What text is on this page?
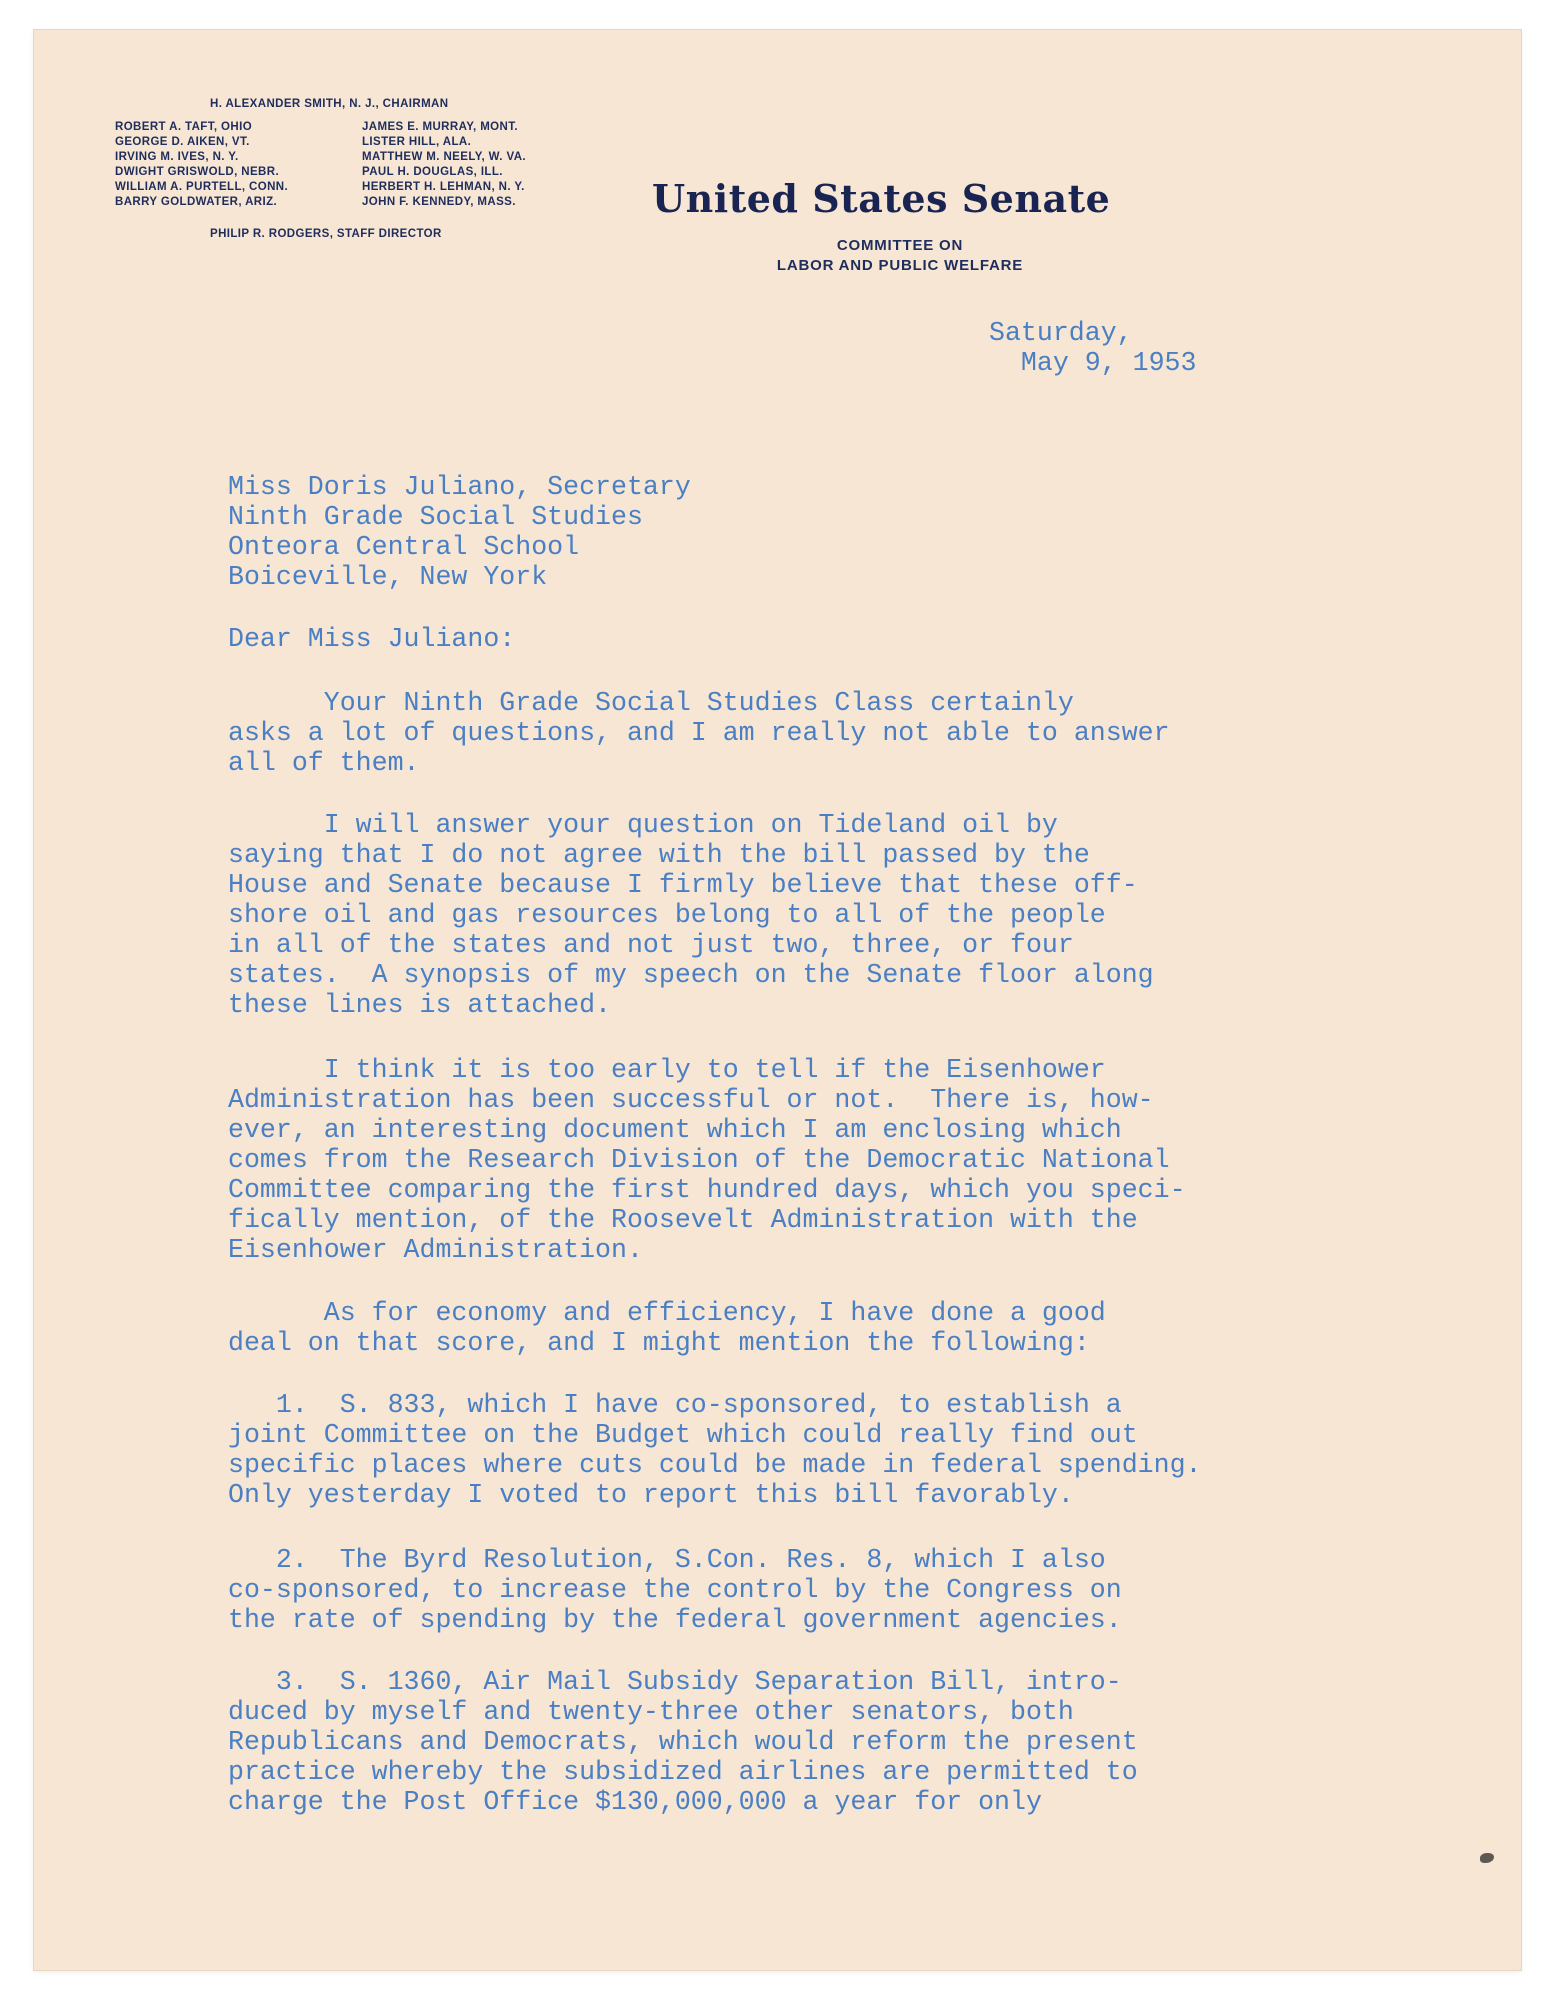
H. ALEXANDER SMITH, N. J., CHAIRMAN
ROBERT A. TAFT, OHIO
GEORGE D. AIKEN, VT.
IRVING M. IVES, N. Y.
DWIGHT GRISWOLD, NEBR.
WILLIAM A. PURTELL, CONN.
BARRY GOLDWATER, ARIZ.
JAMES E. MURRAY, MONT.
LISTER HILL, ALA.
MATTHEW M. NEELY, W. VA.
PAUL H. DOUGLAS, ILL.
HERBERT H. LEHMAN, N. Y.
JOHN F. KENNEDY, MASS.
PHILIP R. RODGERS, STAFF DIRECTOR
United States Senate
COMMITTEE ON
LABOR AND PUBLIC WELFARE
Saturday,
May 9, 1953
Miss Doris Juliano, Secretary
Ninth Grade Social Studies
Onteora Central School
Boiceville, New York
Dear Miss Juliano:
Your Ninth Grade Social Studies Class certainly
asks a lot of questions, and I am really not able to answer
all of them.
I will answer your question on Tideland oil by
saying that I do not agree with the bill passed by the
House and Senate because I firmly believe that these off-
shore oil and gas resources belong to all of the people
in all of the states and not just two, three, or four
states.  A synopsis of my speech on the Senate floor along
these lines is attached.
I think it is too early to tell if the Eisenhower
Administration has been successful or not.  There is, how-
ever, an interesting document which I am enclosing which
comes from the Research Division of the Democratic National
Committee comparing the first hundred days, which you speci-
fically mention, of the Roosevelt Administration with the
Eisenhower Administration.
As for economy and efficiency, I have done a good
deal on that score, and I might mention the following:
1.  S. 833, which I have co-sponsored, to establish a
joint Committee on the Budget which could really find out
specific places where cuts could be made in federal spending.
Only yesterday I voted to report this bill favorably.
2.  The Byrd Resolution, S.Con. Res. 8, which I also
co-sponsored, to increase the control by the Congress on
the rate of spending by the federal government agencies.
3.  S. 1360, Air Mail Subsidy Separation Bill, intro-
duced by myself and twenty-three other senators, both
Republicans and Democrats, which would reform the present
practice whereby the subsidized airlines are permitted to
charge the Post Office $130,000,000 a year for only
